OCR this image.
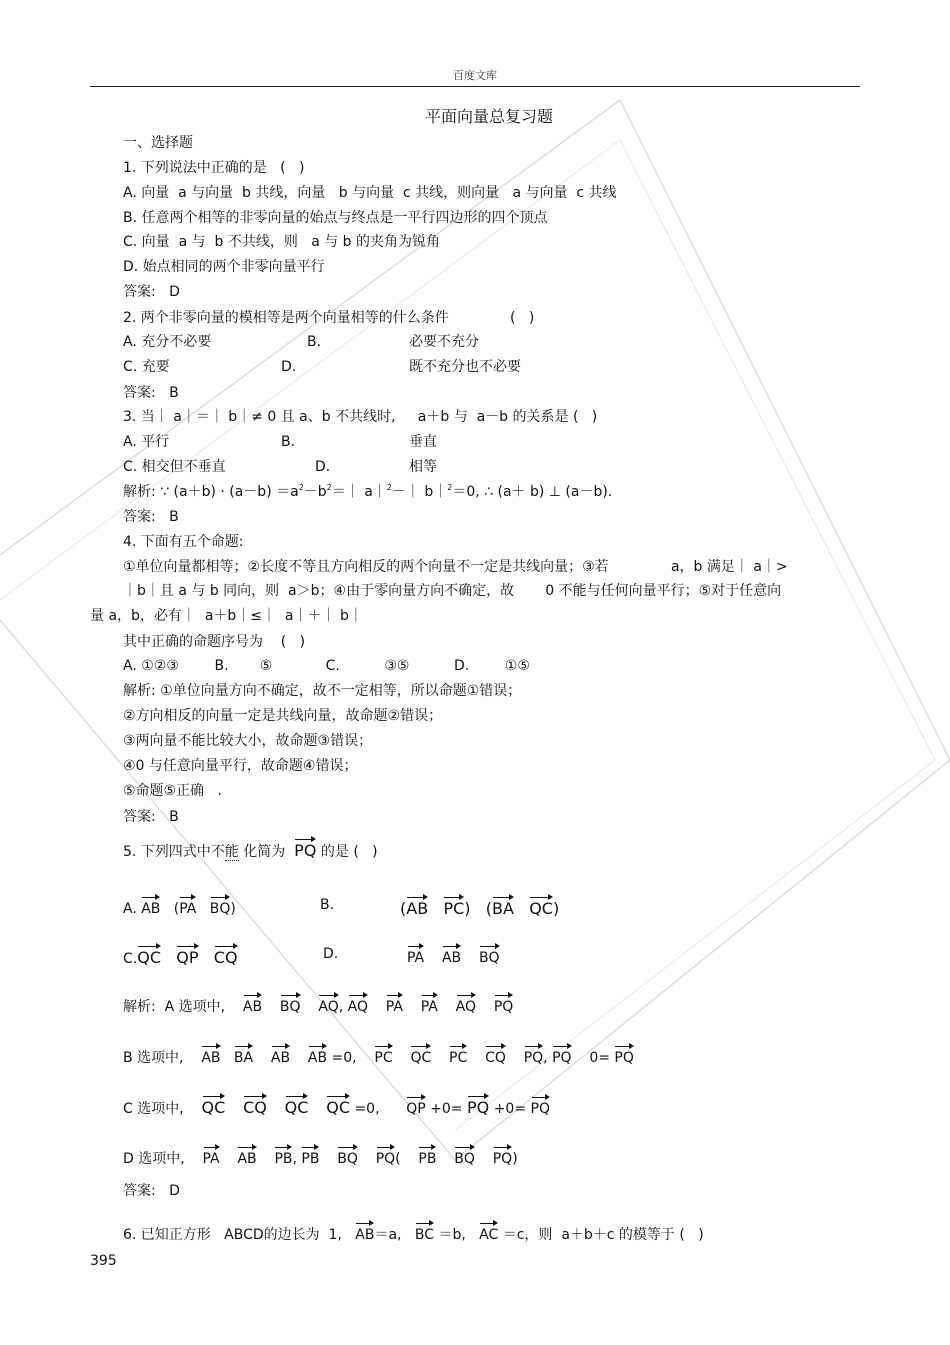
百度文库
平面向量总复习题
一、选择题
1. 下列说法中正确的是   (   )
A. 向量  a 与向量  b 共线，向量   b 与向量  c 共线，则向量   a 与向量  c 共线
B. 任意两个相等的非零向量的始点与终点是一平行四边形的四个顶点
C. 向量  a 与  b 不共线，则   a 与 b 的夹角为锐角
D. 始点相同的两个非零向量平行
答案:   D
2. 两个非零向量的模相等是两个向量相等的什么条件	(   )
A. 充分不必要	B.	必要不充分
C. 充要	D.	既不充分也不必要
答案:   B
3. 当｜ a｜＝｜ b｜≠ 0 且 a、b 不共线时,     a＋b 与  a－b 的关系是 (   )
A. 平行	B.	垂直
C. 相交但不垂直	D.	相等
解析: ∵ $(a+b) \cdot (a-b) =a^2-b^2=|$ a｜$^2$－｜ b｜$^2$＝0, ∴ (a＋ b) ⊥ (a－b).
答案:   B
4. 下面有五个命题:
①单位向量都相等；②长度不等且方向相反的两个向量不一定是共线向量；③若              a，b 满足｜ a｜>
｜b｜且 a 与 b 同向，则  a＞b；④由于零向量方向不确定，故       0 不能与任何向量平行；⑤对于任意向
量 a，b，必有｜  a＋b｜≤｜  a｜＋｜ b｜
其中正确的命题序号为    (   )
A. ①②③        B.       ⑤            C.          ③⑤          D.        ①⑤
解析: ①单位向量方向不确定，故不一定相等，所以命题①错误；
②方向相反的向量一定是共线向量，故命题②错误；
③两向量不能比较大小，故命题③错误；
④0 与任意向量平行，故命题④错误；
⑤命题⑤正确   .
答案:   B
5. 下列四式中不能 化简为  PQ 的是 (   )
A. AB   (PA BQ)	B.	(AB PC)   (BA QC)
C.QC QP CQ	D.	PA AB BQ
解析:  A 选项中, AB BQ AQ, AQ PA PA AQ PQ
B 选项中, AB BA AB AB =0,    PC QC PC CQ PQ, PQ    0= PQ
C 选项中, QC CQ QC QC =0,      QP +0= PQ +0= PQ
D 选项中, PA AB PB, PB BQ PQ(    PB BQ PQ)
答案:   D
6. 已知正方形   ABCD的边长为  1, AB＝a, BC ＝b, AC ＝c，则  a＋b＋c 的模等于 (   )
395
